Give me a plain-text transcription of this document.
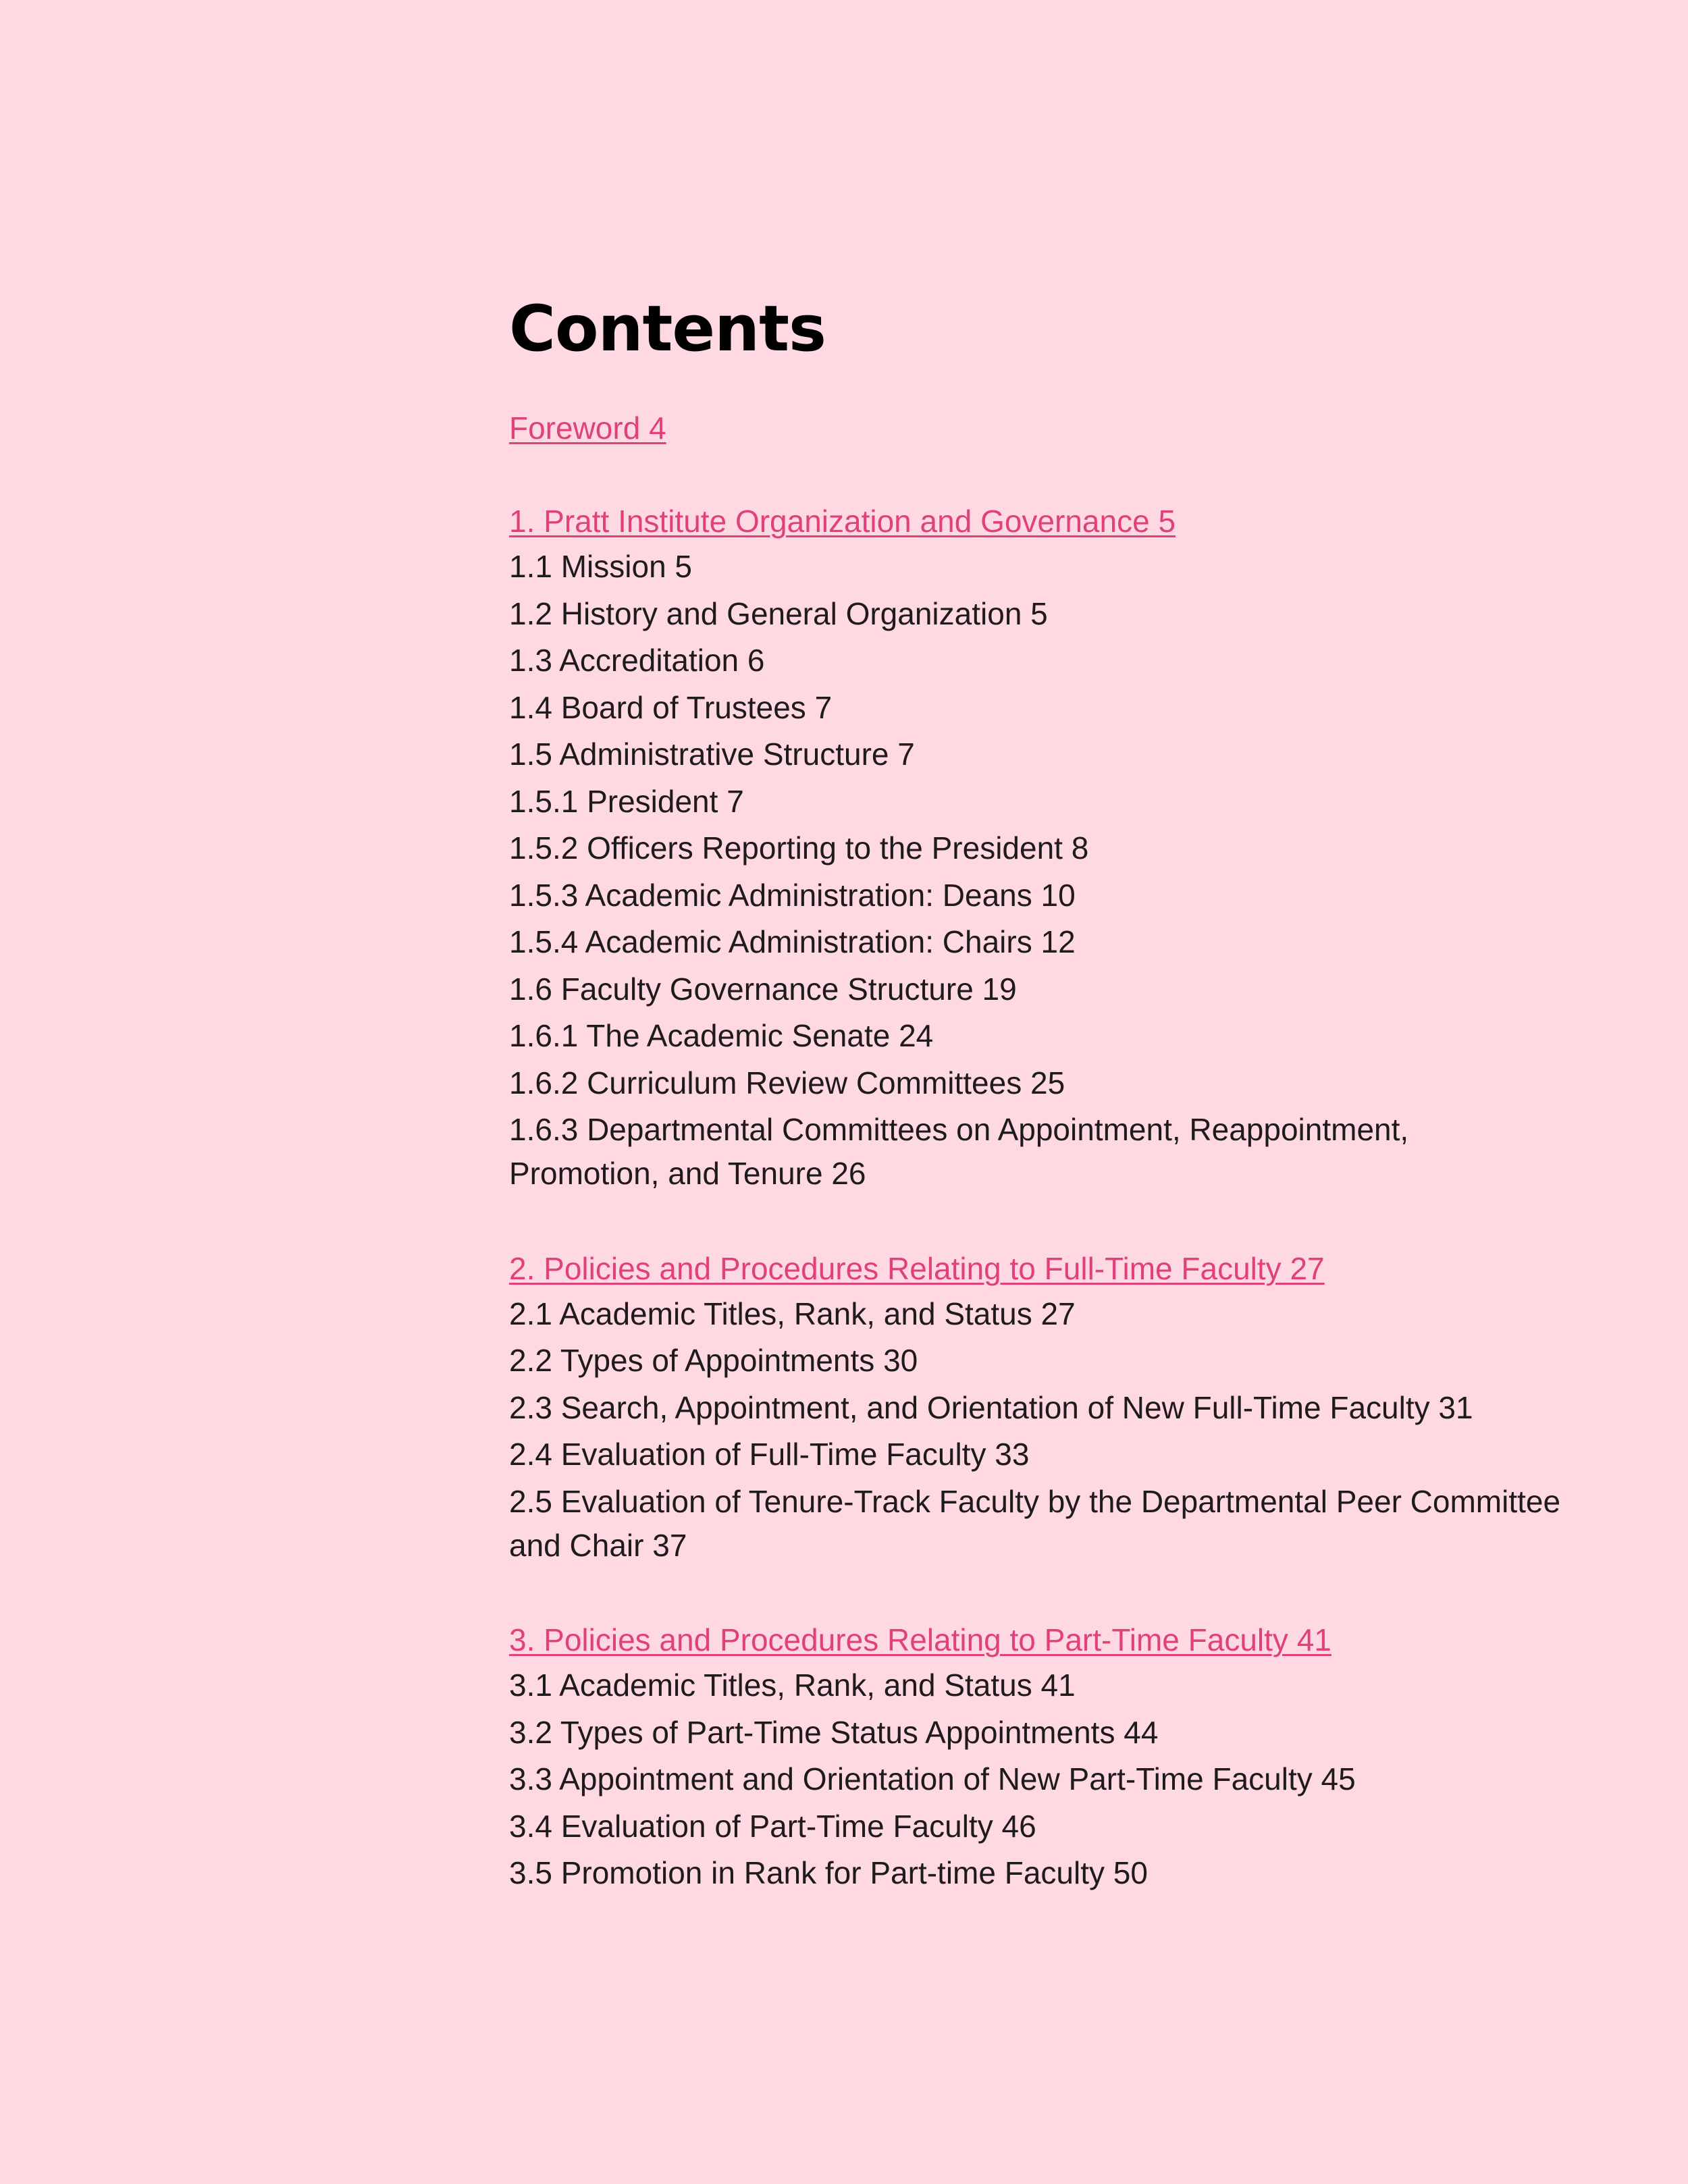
Contents
Foreword 4
1. Pratt Institute Organization and Governance 5
1.1 Mission 5
1.2 History and General Organization 5
1.3 Accreditation 6
1.4 Board of Trustees 7
1.5 Administrative Structure 7
1.5.1 President 7
1.5.2 Officers Reporting to the President 8
1.5.3 Academic Administration: Deans 10
1.5.4 Academic Administration: Chairs 12
1.6 Faculty Governance Structure 19
1.6.1 The Academic Senate 24
1.6.2 Curriculum Review Committees 25
1.6.3 Departmental Committees on Appointment, Reappointment, Promotion, and Tenure 26
2. Policies and Procedures Relating to Full-Time Faculty 27
2.1 Academic Titles, Rank, and Status 27
2.2 Types of Appointments 30
2.3 Search, Appointment, and Orientation of New Full-Time Faculty 31
2.4 Evaluation of Full-Time Faculty 33
2.5 Evaluation of Tenure-Track Faculty by the Departmental Peer Committee and Chair 37
3. Policies and Procedures Relating to Part-Time Faculty 41
3.1 Academic Titles, Rank, and Status 41
3.2 Types of Part-Time Status Appointments 44
3.3 Appointment and Orientation of New Part-Time Faculty 45
3.4 Evaluation of Part-Time Faculty 46
3.5 Promotion in Rank for Part-time Faculty 50
